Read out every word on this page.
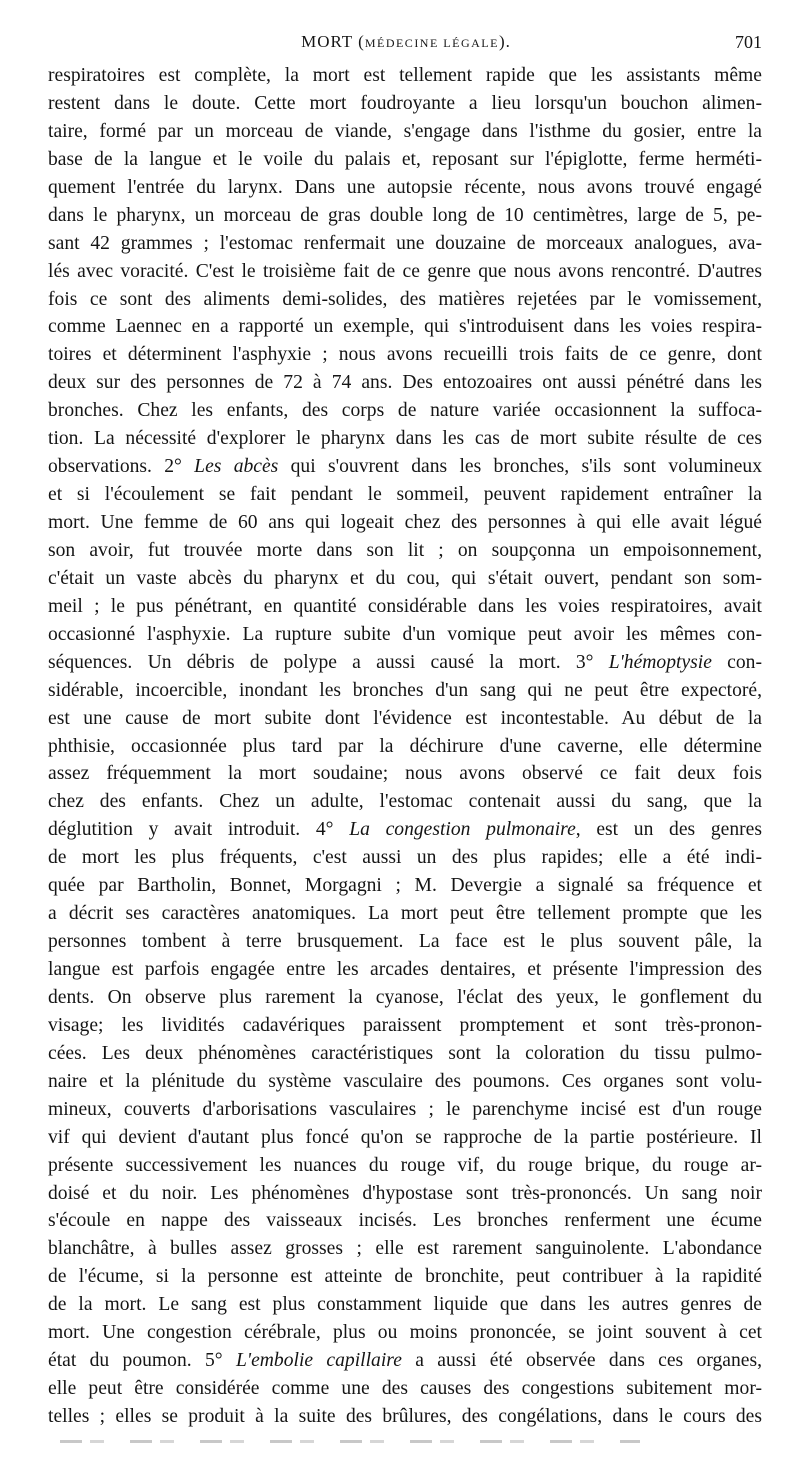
MORT (MÉDECINE LÉGALE).	701
respiratoires est complète, la mort est tellement rapide que les assistants même
restent dans le doute. Cette mort foudroyante a lieu lorsqu'un bouchon alimen-
taire, formé par un morceau de viande, s'engage dans l'isthme du gosier, entre la
base de la langue et le voile du palais et, reposant sur l'épiglotte, ferme herméti-
quement l'entrée du larynx. Dans une autopsie récente, nous avons trouvé engagé
dans le pharynx, un morceau de gras double long de 10 centimètres, large de 5, pe-
sant 42 grammes ; l'estomac renfermait une douzaine de morceaux analogues, ava-
lés avec voracité. C'est le troisième fait de ce genre que nous avons rencontré. D'autres
fois ce sont des aliments demi-solides, des matières rejetées par le vomissement,
comme Laennec en a rapporté un exemple, qui s'introduisent dans les voies respira-
toires et déterminent l'asphyxie ; nous avons recueilli trois faits de ce genre, dont
deux sur des personnes de 72 à 74 ans. Des entozoaires ont aussi pénétré dans les
bronches. Chez les enfants, des corps de nature variée occasionnent la suffoca-
tion. La nécessité d'explorer le pharynx dans les cas de mort subite résulte de ces
observations. 2° Les abcès qui s'ouvrent dans les bronches, s'ils sont volumineux
et si l'écoulement se fait pendant le sommeil, peuvent rapidement entraîner la
mort. Une femme de 60 ans qui logeait chez des personnes à qui elle avait légué
son avoir, fut trouvée morte dans son lit ; on soupçonna un empoisonnement,
c'était un vaste abcès du pharynx et du cou, qui s'était ouvert, pendant son som-
meil ; le pus pénétrant, en quantité considérable dans les voies respiratoires, avait
occasionné l'asphyxie. La rupture subite d'un vomique peut avoir les mêmes con-
séquences. Un débris de polype a aussi causé la mort. 3° L'hémoptysie con-
sidérable, incoercible, inondant les bronches d'un sang qui ne peut être expectoré,
est une cause de mort subite dont l'évidence est incontestable. Au début de la
phthisie, occasionnée plus tard par la déchirure d'une caverne, elle détermine
assez fréquemment la mort soudaine; nous avons observé ce fait deux fois
chez des enfants. Chez un adulte, l'estomac contenait aussi du sang, que la
déglutition y avait introduit. 4° La congestion pulmonaire, est un des genres
de mort les plus fréquents, c'est aussi un des plus rapides; elle a été indi-
quée par Bartholin, Bonnet, Morgagni ; M. Devergie a signalé sa fréquence et
a décrit ses caractères anatomiques. La mort peut être tellement prompte que les
personnes tombent à terre brusquement. La face est le plus souvent pâle, la
langue est parfois engagée entre les arcades dentaires, et présente l'impression des
dents. On observe plus rarement la cyanose, l'éclat des yeux, le gonflement du
visage; les lividités cadavériques paraissent promptement et sont très-pronon-
cées. Les deux phénomènes caractéristiques sont la coloration du tissu pulmo-
naire et la plénitude du système vasculaire des poumons. Ces organes sont volu-
mineux, couverts d'arborisations vasculaires ; le parenchyme incisé est d'un rouge
vif qui devient d'autant plus foncé qu'on se rapproche de la partie postérieure. Il
présente successivement les nuances du rouge vif, du rouge brique, du rouge ar-
doisé et du noir. Les phénomènes d'hypostase sont très-prononcés. Un sang noir
s'écoule en nappe des vaisseaux incisés. Les bronches renferment une écume
blanchâtre, à bulles assez grosses ; elle est rarement sanguinolente. L'abondance
de l'écume, si la personne est atteinte de bronchite, peut contribuer à la rapidité
de la mort. Le sang est plus constamment liquide que dans les autres genres de
mort. Une congestion cérébrale, plus ou moins prononcée, se joint souvent à cet
état du poumon. 5° L'embolie capillaire a aussi été observée dans ces organes,
elle peut être considérée comme une des causes des congestions subitement mor-
telles ; elles se produit à la suite des brûlures, des congélations, dans le cours des
